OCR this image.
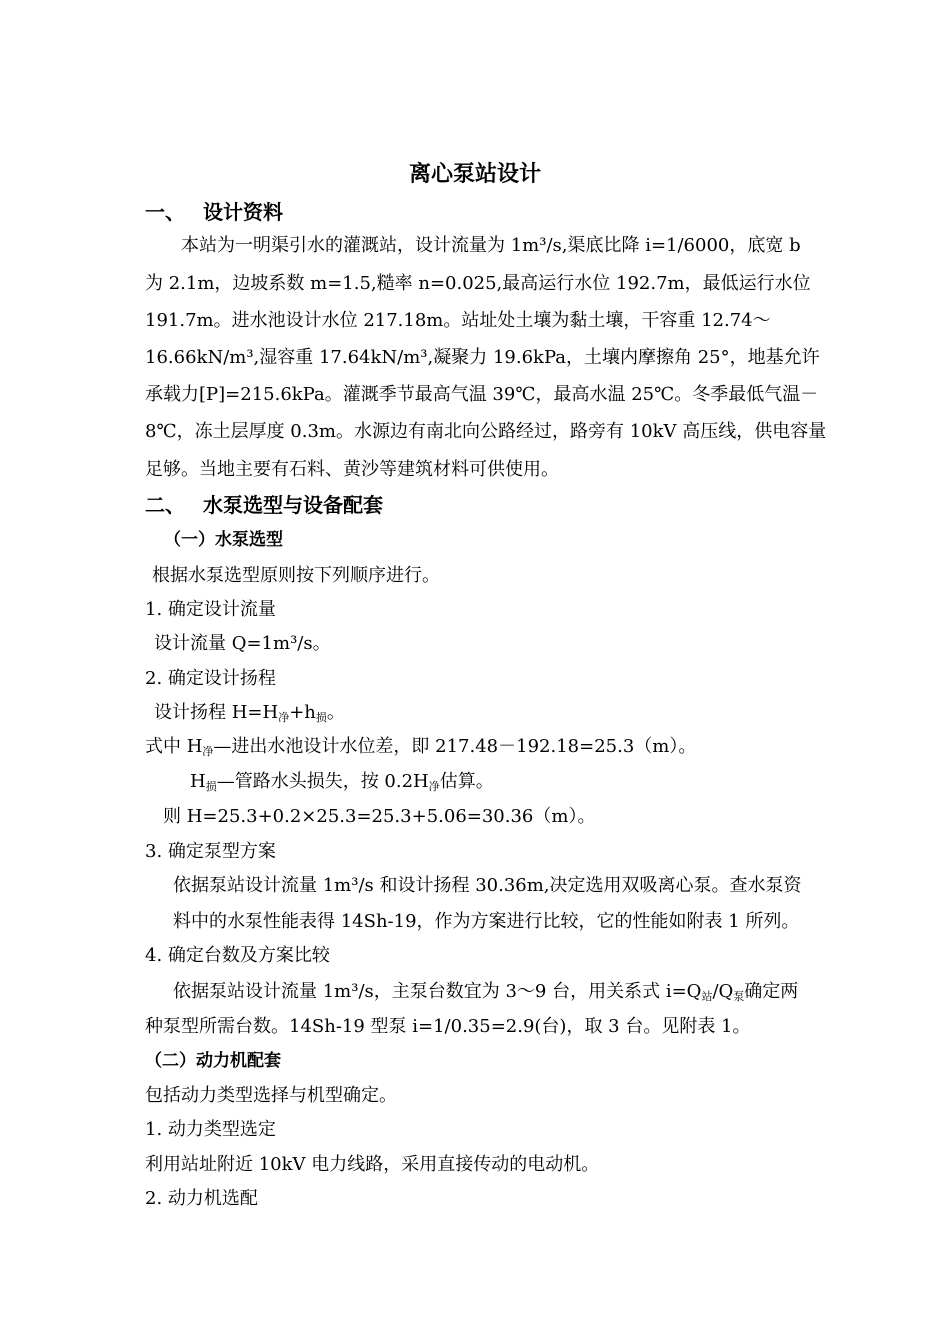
离心泵站设计
一、 设计资料
本站为一明渠引水的灌溉站，设计流量为 1m³/s,渠底比降 i=1/6000，底宽 b
为 2.1m，边坡系数 m=1.5,糙率 n=0.025,最高运行水位 192.7m，最低运行水位
191.7m。进水池设计水位 217.18m。站址处土壤为黏土壤，干容重 12.74～
16.66kN/m³,湿容重 17.64kN/m³,凝聚力 19.6kPa，土壤内摩擦角 25°，地基允许
承载力[P]=215.6kPa。灌溉季节最高气温 39℃，最高水温 25℃。冬季最低气温－
8℃，冻土层厚度 0.3m。水源边有南北向公路经过，路旁有 10kV 高压线，供电容量
足够。当地主要有石料、黄沙等建筑材料可供使用。
二、 水泵选型与设备配套
（一）水泵选型
根据水泵选型原则按下列顺序进行。
1. 确定设计流量
设计流量 Q=1m³/s。
2. 确定设计扬程
设计扬程 $H=H_净+h_损$。
式中 $H_净—$进出水池设计水位差，即 217.48－192.18=25.3（m）。
$H_损—$管路水头损失，按 $0.2H_净$估算。
则 H=25.3+0.2×25.3=25.3+5.06=30.36（m）。
3. 确定泵型方案
依据泵站设计流量 1m³/s 和设计扬程 30.36m,决定选用双吸离心泵。查水泵资
料中的水泵性能表得 14Sh-19，作为方案进行比较，它的性能如附表 1 所列。
4. 确定台数及方案比较
依据泵站设计流量 1m³/s，主泵台数宜为 3～9 台，用关系式 $i=Q_站/Q_泵$确定两
种泵型所需台数。14Sh-19 型泵 i=1/0.35=2.9(台)，取 3 台。见附表 1。
（二）动力机配套
包括动力类型选择与机型确定。
1. 动力类型选定
利用站址附近 10kV 电力线路，采用直接传动的电动机。
2. 动力机选配
